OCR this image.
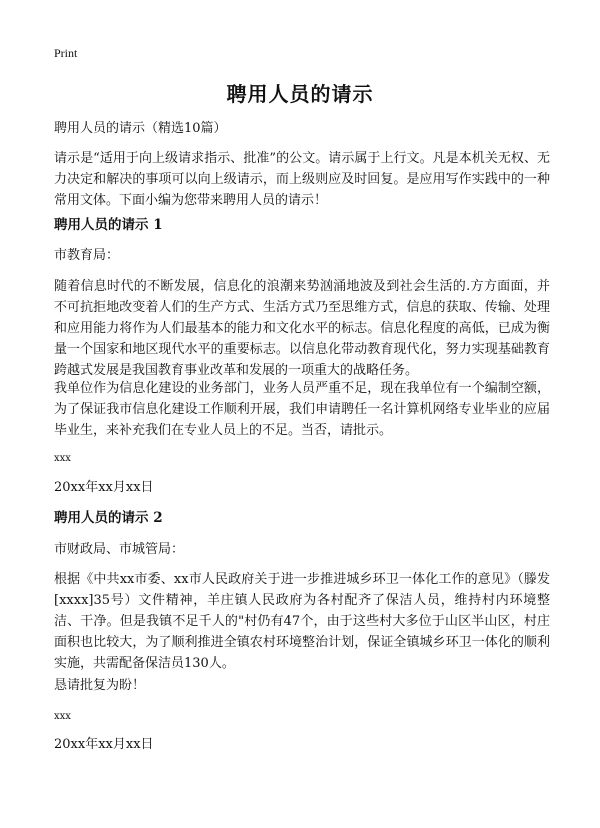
Print
聘用人员的请示
聘用人员的请示（精选10篇）
请示是“适用于向上级请求指示、批准”的公文。请示属于上行文。凡是本机关无权、无力决定和解决的事项可以向上级请示，而上级则应及时回复。是应用写作实践中的一种常用文体。下面小编为您带来聘用人员的请示！
聘用人员的请示 1
市教育局：
随着信息时代的不断发展，信息化的浪潮来势汹涌地波及到社会生活的.方方面面，并不可抗拒地改变着人们的生产方式、生活方式乃至思维方式，信息的获取、传输、处理和应用能力将作为人们最基本的能力和文化水平的标志。信息化程度的高低，已成为衡量一个国家和地区现代水平的重要标志。以信息化带动教育现代化，努力实现基础教育跨越式发展是我国教育事业改革和发展的一项重大的战略任务。
我单位作为信息化建设的业务部门，业务人员严重不足，现在我单位有一个编制空额，为了保证我市信息化建设工作顺利开展，我们申请聘任一名计算机网络专业毕业的应届毕业生，来补充我们在专业人员上的不足。当否，请批示。
xxx
20xx年xx月xx日
聘用人员的请示 2
市财政局、市城管局：
根据《中共xx市委、xx市人民政府关于进一步推进城乡环卫一体化工作的意见》（滕发[xxxx]35号）文件精神，羊庄镇人民政府为各村配齐了保洁人员，维持村内环境整洁、干净。但是我镇不足千人的"村仍有47个，由于这些村大多位于山区半山区，村庄面积也比较大，为了顺利推进全镇农村环境整治计划，保证全镇城乡环卫一体化的顺利实施，共需配备保洁员130人。
恳请批复为盼！
xxx
20xx年xx月xx日
